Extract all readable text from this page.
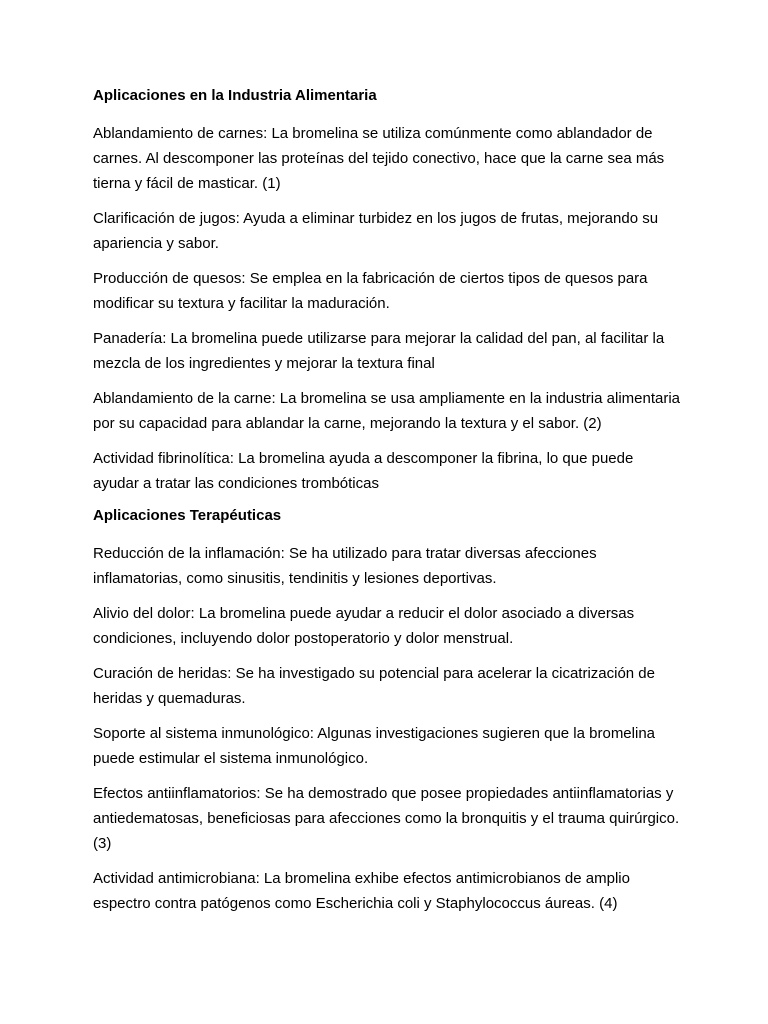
Aplicaciones en la Industria Alimentaria

Ablandamiento de carnes: La bromelina se utiliza comúnmente como ablandador de carnes. Al descomponer las proteínas del tejido conectivo, hace que la carne sea más tierna y fácil de masticar. (1)

Clarificación de jugos: Ayuda a eliminar turbidez en los jugos de frutas, mejorando su apariencia y sabor.

Producción de quesos: Se emplea en la fabricación de ciertos tipos de quesos para modificar su textura y facilitar la maduración.

Panadería: La bromelina puede utilizarse para mejorar la calidad del pan, al facilitar la mezcla de los ingredientes y mejorar la textura final

Ablandamiento de la carne: La bromelina se usa ampliamente en la industria alimentaria por su capacidad para ablandar la carne, mejorando la textura y el sabor. (2)

Actividad fibrinolítica: La bromelina ayuda a descomponer la fibrina, lo que puede ayudar a tratar las condiciones trombóticas

Aplicaciones Terapéuticas

Reducción de la inflamación: Se ha utilizado para tratar diversas afecciones inflamatorias, como sinusitis, tendinitis y lesiones deportivas.

Alivio del dolor: La bromelina puede ayudar a reducir el dolor asociado a diversas condiciones, incluyendo dolor postoperatorio y dolor menstrual.

Curación de heridas: Se ha investigado su potencial para acelerar la cicatrización de heridas y quemaduras.

Soporte al sistema inmunológico: Algunas investigaciones sugieren que la bromelina puede estimular el sistema inmunológico.

Efectos antiinflamatorios: Se ha demostrado que posee propiedades antiinflamatorias y antiedematosas, beneficiosas para afecciones como la bronquitis y el trauma quirúrgico. (3)

Actividad antimicrobiana: La bromelina exhibe efectos antimicrobianos de amplio espectro contra patógenos como Escherichia coli y Staphylococcus áureas. (4)
